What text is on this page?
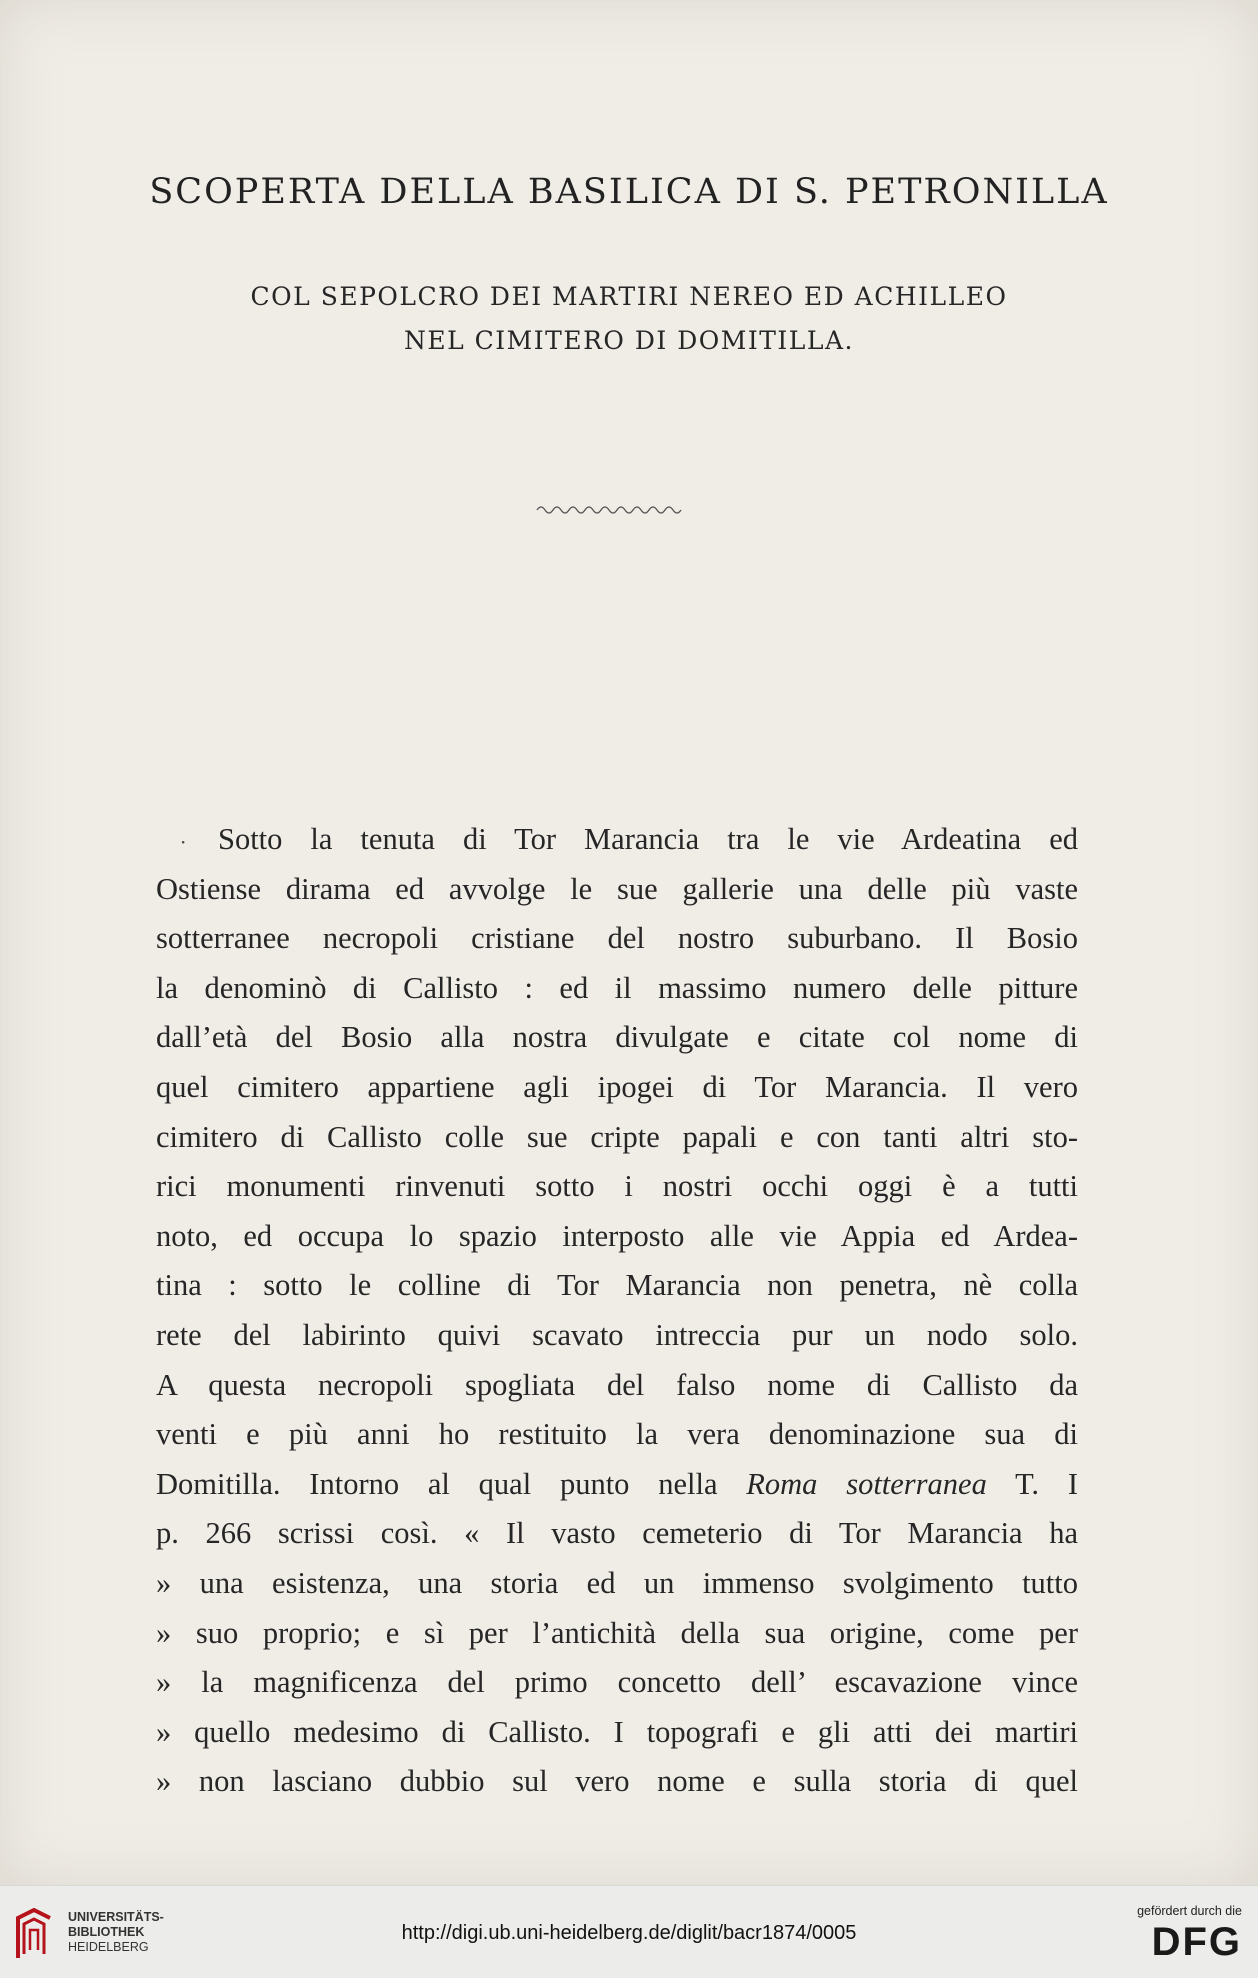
SCOPERTA DELLA BASILICA DI S. PETRONILLA
COL SEPOLCRO DEI MARTIRI NEREO ED ACHILLEO
NEL CIMITERO DI DOMITILLA.
·	Sotto la tenuta di Tor Marancia tra le vie Ardeatina ed
Ostiense dirama ed avvolge le sue gallerie una delle più vaste
sotterranee necropoli cristiane del nostro suburbano. Il Bosio
la denominò di Callisto : ed il massimo numero delle pitture
dall’età del Bosio alla nostra divulgate e citate col nome di
quel cimitero appartiene agli ipogei di Tor Marancia. Il vero
cimitero di Callisto colle sue cripte papali e con tanti altri sto-
rici monumenti rinvenuti sotto i nostri occhi oggi è a tutti
noto, ed occupa lo spazio interposto alle vie Appia ed Ardea-
tina : sotto le colline di Tor Marancia non penetra, nè colla
rete del labirinto quivi scavato intreccia pur un nodo solo.
A questa necropoli spogliata del falso nome di Callisto da
venti e più anni ho restituito la vera denominazione sua di
Domitilla. Intorno al qual punto nella Roma sotterranea T. I
p. 266 scrissi così. « Il vasto cemeterio di Tor Marancia ha
» una esistenza, una storia ed un immenso svolgimento tutto
» suo proprio; e sì per l’antichità della sua origine, come per
» la magnificenza del primo concetto dell’ escavazione vince
» quello medesimo di Callisto. I topografi e gli atti dei martiri
» non lasciano dubbio sul vero nome e sulla storia di quel
UNIVERSITÄTS-
BIBLIOTHEK
HEIDELBERG
http://digi.ub.uni-heidelberg.de/diglit/bacr1874/0005
gefördert durch die
DFG
